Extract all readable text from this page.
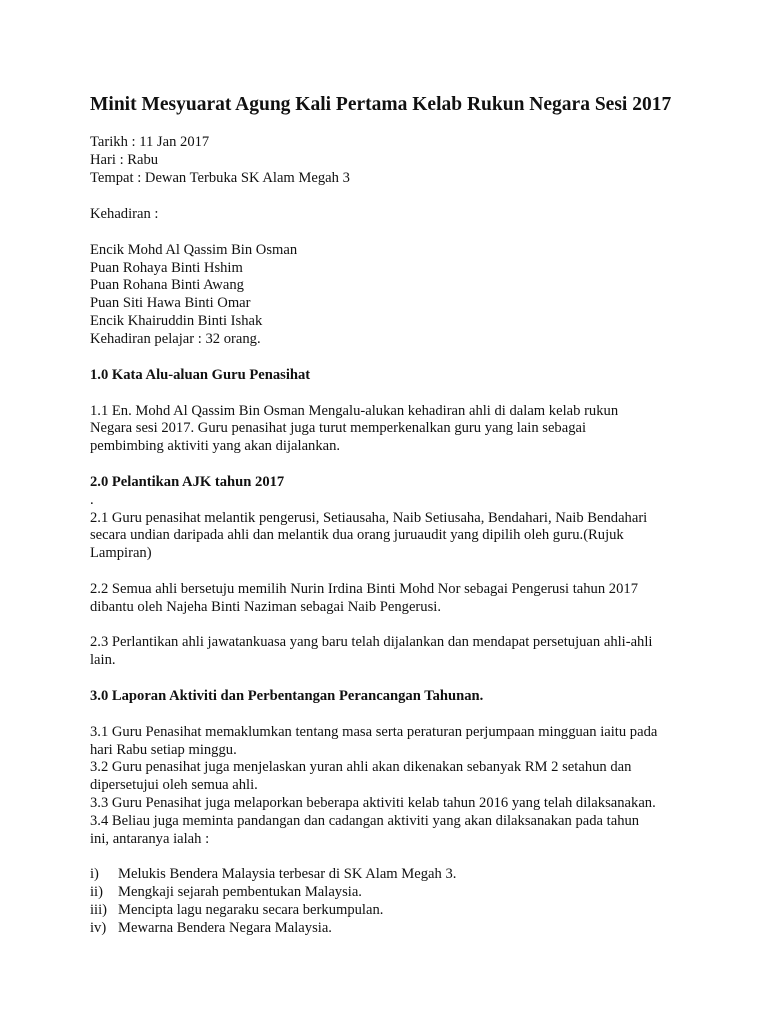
Minit Mesyuarat Agung Kali Pertama Kelab Rukun Negara Sesi 2017

Tarikh : 11 Jan 2017

Hari : Rabu

Tempat : Dewan Terbuka SK Alam Megah 3

Kehadiran :

Encik Mohd Al Qassim Bin Osman

Puan Rohaya Binti Hshim

Puan Rohana Binti Awang

Puan Siti Hawa Binti Omar

Encik Khairuddin Binti Ishak

Kehadiran pelajar : 32 orang.

1.0 Kata Alu-aluan Guru Penasihat

1.1 En. Mohd Al Qassim Bin Osman Mengalu-alukan kehadiran ahli di dalam kelab rukun

Negara sesi 2017. Guru penasihat juga turut memperkenalkan guru yang lain sebagai

pembimbing aktiviti yang akan dijalankan.

2.0 Pelantikan AJK tahun 2017

.

2.1 Guru penasihat melantik pengerusi, Setiausaha, Naib Setiusaha, Bendahari, Naib Bendahari

secara undian daripada ahli dan melantik dua orang juruaudit yang dipilih oleh guru.(Rujuk

Lampiran)

2.2 Semua ahli bersetuju memilih Nurin Irdina Binti Mohd Nor sebagai Pengerusi tahun 2017

dibantu oleh Najeha Binti Naziman sebagai Naib Pengerusi.

2.3 Perlantikan ahli jawatankuasa yang baru telah dijalankan dan mendapat persetujuan ahli-ahli

lain.

3.0 Laporan Aktiviti dan Perbentangan Perancangan Tahunan.

3.1 Guru Penasihat memaklumkan tentang masa serta peraturan perjumpaan mingguan iaitu pada

hari Rabu setiap minggu.

3.2 Guru penasihat juga menjelaskan yuran ahli akan dikenakan sebanyak RM 2 setahun dan

dipersetujui oleh semua ahli.

3.3 Guru Penasihat juga melaporkan beberapa aktiviti kelab tahun 2016 yang telah dilaksanakan.

3.4 Beliau juga meminta pandangan dan cadangan aktiviti yang akan dilaksanakan pada tahun

ini, antaranya ialah :

i) Melukis Bendera Malaysia terbesar di SK Alam Megah 3.

ii) Mengkaji sejarah pembentukan Malaysia.

iii) Mencipta lagu negaraku secara berkumpulan.

iv) Mewarna Bendera Negara Malaysia.
